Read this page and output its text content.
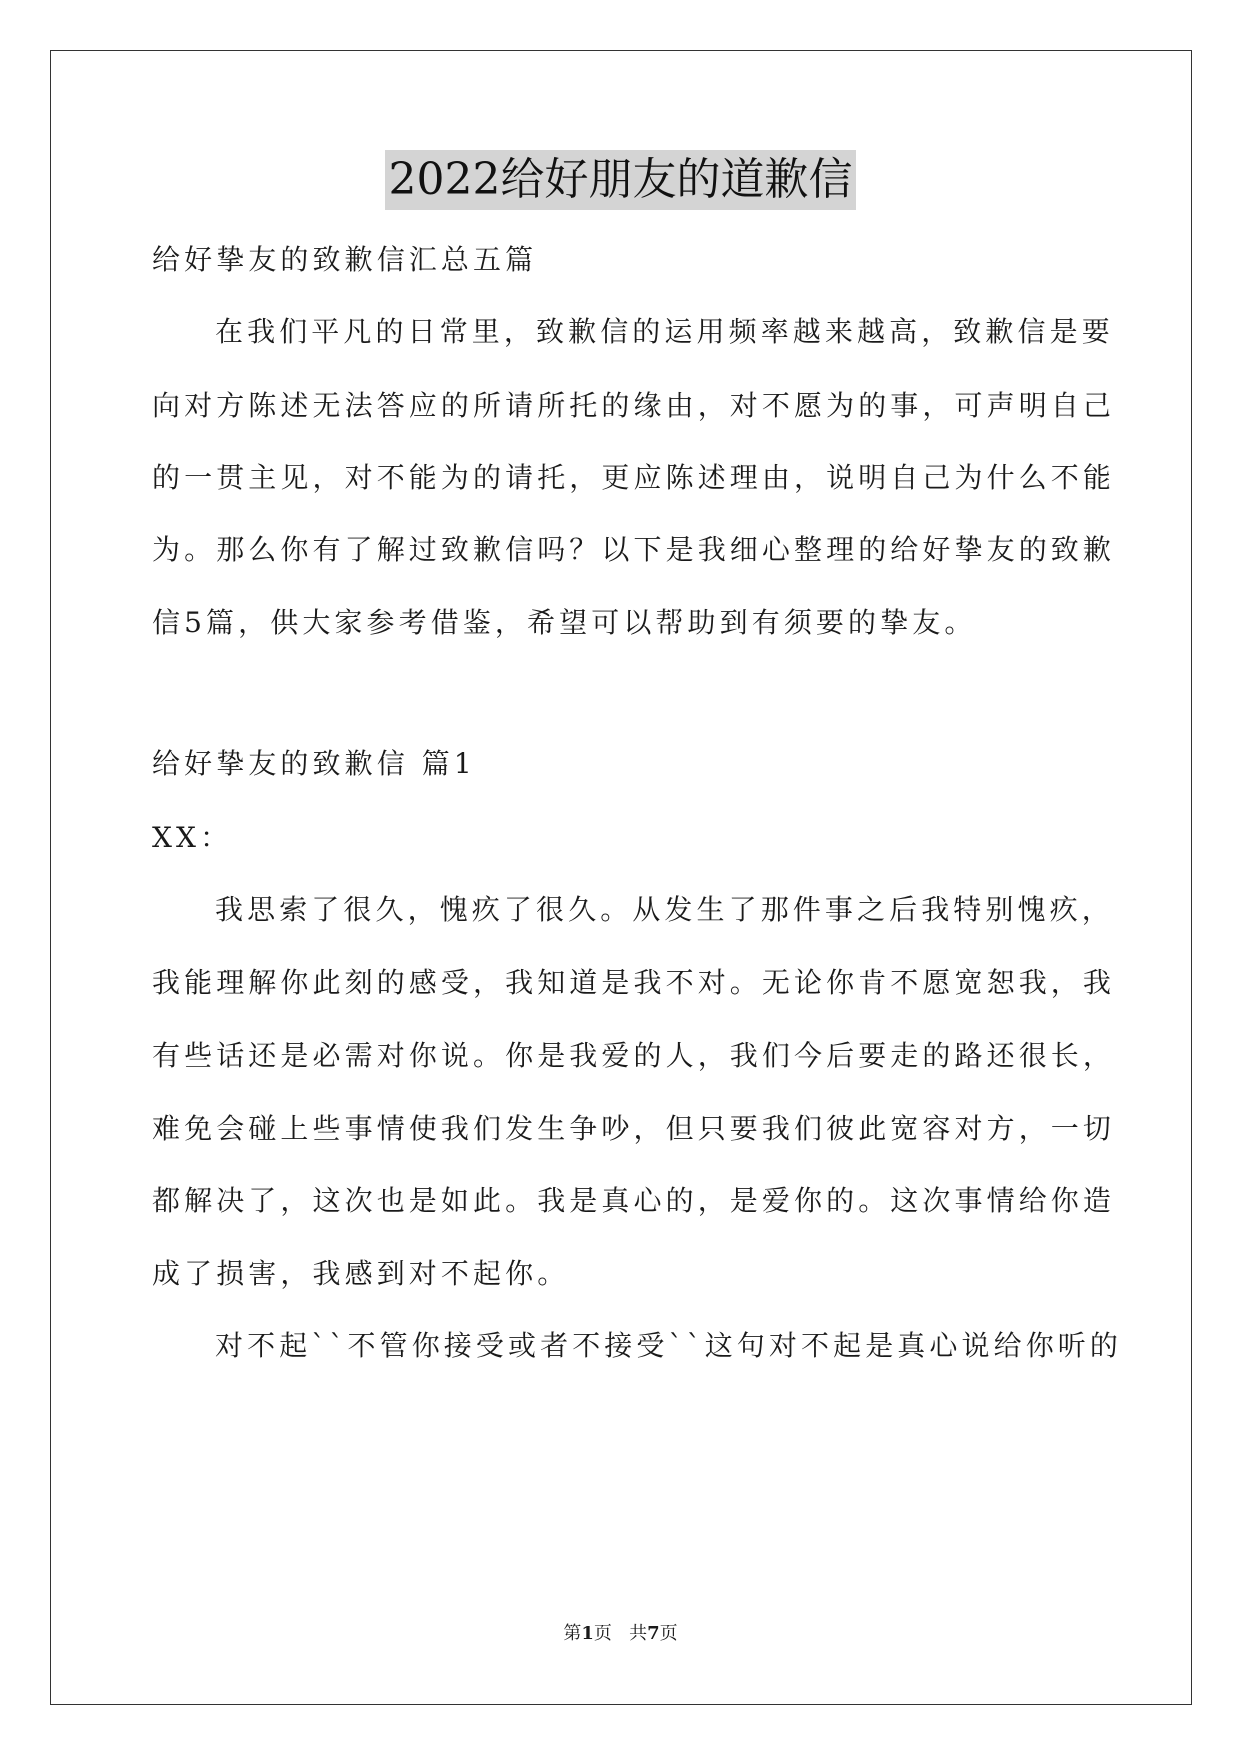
2022给好朋友的道歉信
给好挚友的致歉信汇总五篇
在我们平凡的日常里，致歉信的运用频率越来越高，致歉信是要
向对方陈述无法答应的所请所托的缘由，对不愿为的事，可声明自己
的一贯主见，对不能为的请托，更应陈述理由，说明自己为什么不能
为。那么你有了解过致歉信吗？以下是我细心整理的给好挚友的致歉
信5篇，供大家参考借鉴，希望可以帮助到有须要的挚友。
给好挚友的致歉信 篇1
XX：
我思索了很久，愧疚了很久。从发生了那件事之后我特别愧疚，
我能理解你此刻的感受，我知道是我不对。无论你肯不愿宽恕我，我
有些话还是必需对你说。你是我爱的人，我们今后要走的路还很长，
难免会碰上些事情使我们发生争吵，但只要我们彼此宽容对方，一切
都解决了，这次也是如此。我是真心的，是爱你的。这次事情给你造
成了损害，我感到对不起你。
对不起``不管你接受或者不接受``这句对不起是真心说给你听的
第1页   共7页
